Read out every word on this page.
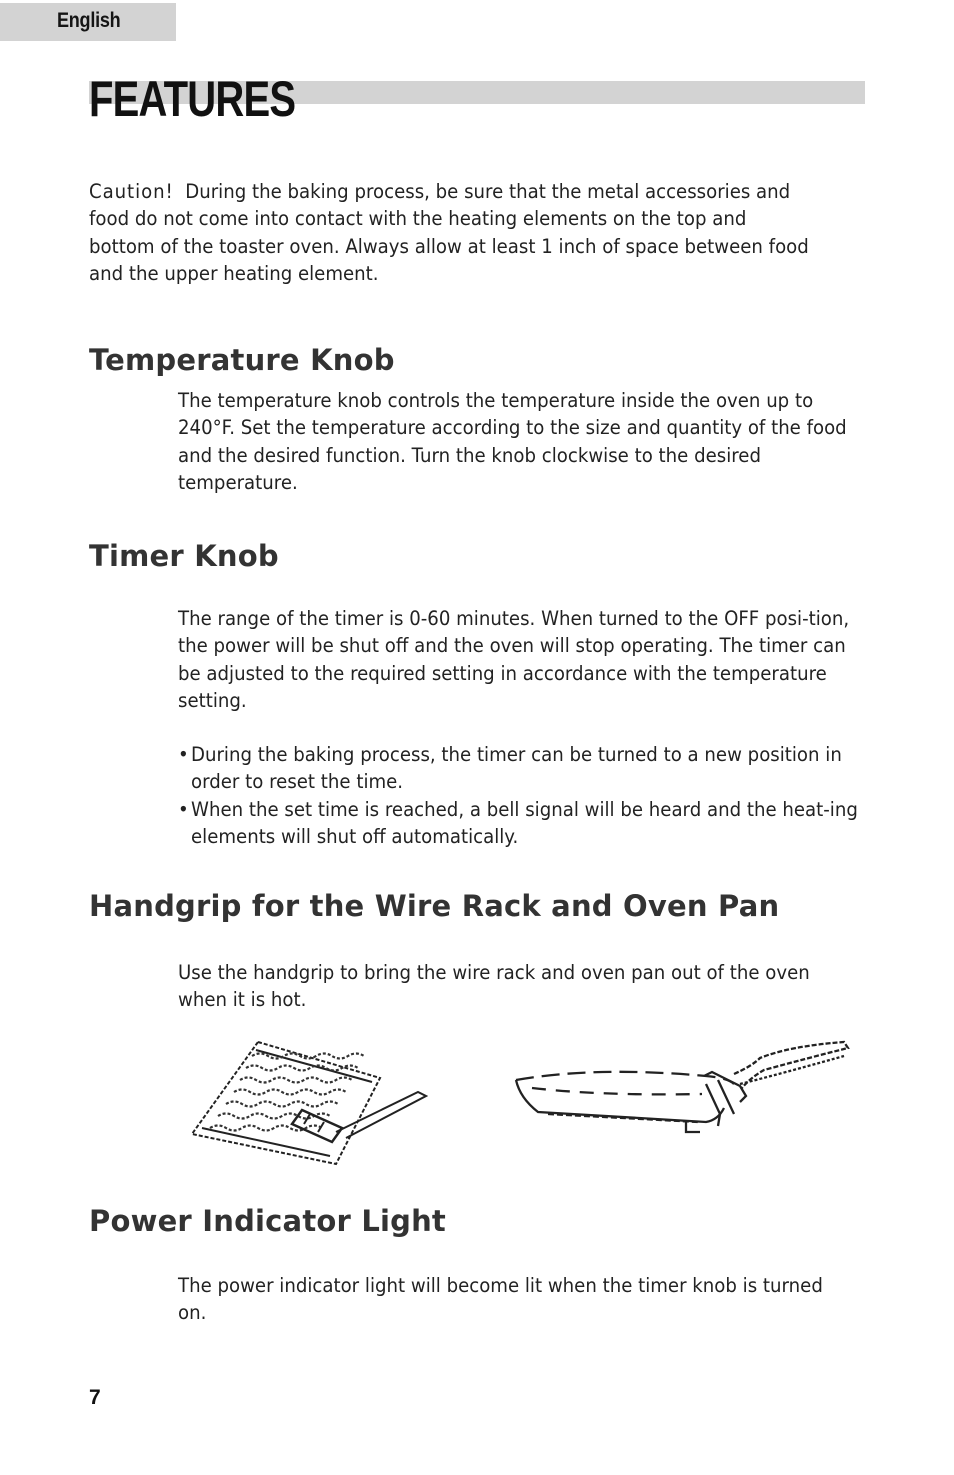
English
FEATURES

Caution! During the baking process, be sure that the metal accessories and food do not come into contact with the heating elements on the top and bottom of the toaster oven. Always allow at least 1 inch of space between food and the upper heating element.

Temperature Knob

The temperature knob controls the temperature inside the oven up to 240°F. Set the temperature according to the size and quantity of the food and the desired function. Turn the knob clockwise to the desired temperature.

Timer Knob

The range of the timer is 0-60 minutes. When turned to the OFF posi-tion, the power will be shut off and the oven will stop operating. The timer can be adjusted to the required setting in accordance with the temperature setting.

• During the baking process, the timer can be turned to a new position in order to reset the time.
• When the set time is reached, a bell signal will be heard and the heat-ing elements will shut off automatically.
Handgrip for the Wire Rack and Oven Pan

Use the handgrip to bring the wire rack and oven pan out of the oven when it is hot.

Power Indicator Light

The power indicator light will become lit when the timer knob is turned on.

7
